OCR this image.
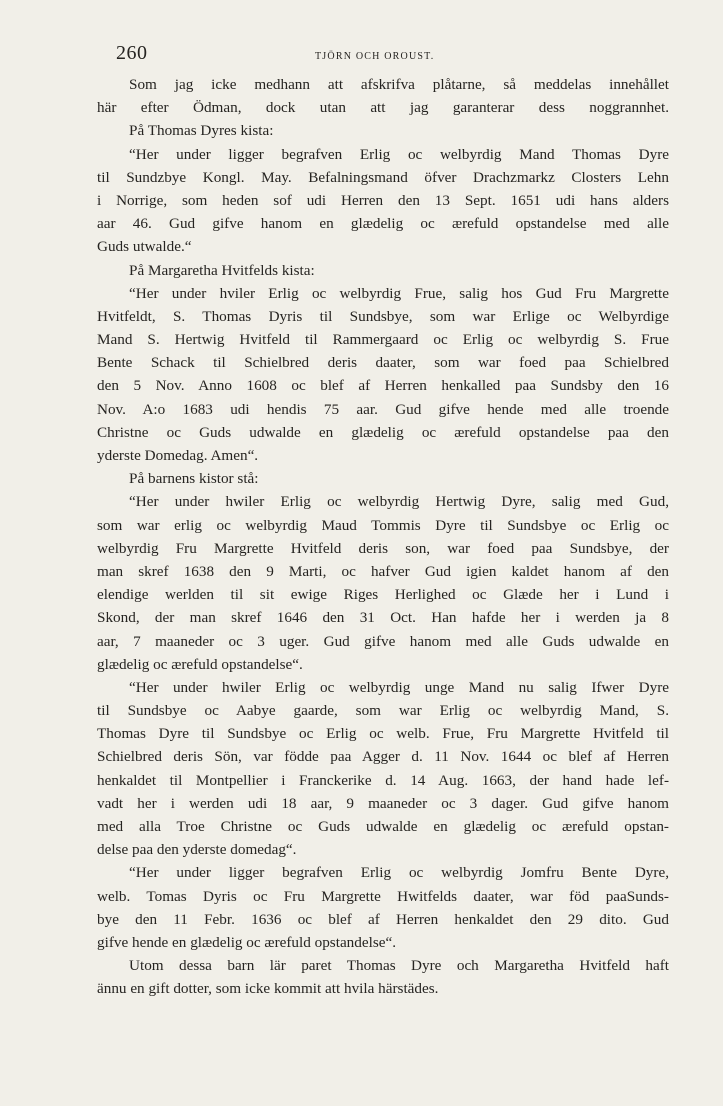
260	TJÖRN OCH OROUST.
Som jag icke medhann att afskrifva plåtarne, så meddelas innehållet
här efter Ödman, dock utan att jag garanterar dess noggrannhet.
På Thomas Dyres kista:
“Her under ligger begrafven Erlig oc welbyrdig Mand Thomas Dyre
til Sundzbye Kongl. May. Befalningsmand öfver Drachzmarkz Closters Lehn
i Norrige, som heden sof udi Herren den 13 Sept. 1651 udi hans alders
aar 46. Gud gifve hanom en glædelig oc ærefuld opstandelse med alle
Guds utwalde.“
På Margaretha Hvitfelds kista:
“Her under hviler Erlig oc welbyrdig Frue, salig hos Gud Fru Margrette
Hvitfeldt, S. Thomas Dyris til Sundsbye, som war Erlige oc Welbyrdige
Mand S. Hertwig Hvitfeld til Rammergaard oc Erlig oc welbyrdig S. Frue
Bente Schack til Schielbred deris daater, som war foed paa Schielbred
den 5 Nov. Anno 1608 oc blef af Herren henkalled paa Sundsby den 16
Nov. A:o 1683 udi hendis 75 aar. Gud gifve hende med alle troende
Christne oc Guds udwalde en glædelig oc ærefuld opstandelse paa den
yderste Domedag. Amen“.
På barnens kistor stå:
“Her under hwiler Erlig oc welbyrdig Hertwig Dyre, salig med Gud,
som war erlig oc welbyrdig Maud Tommis Dyre til Sundsbye oc Erlig oc
welbyrdig Fru Margrette Hvitfeld deris son, war foed paa Sundsbye, der
man skref 1638 den 9 Marti, oc hafver Gud igien kaldet hanom af den
elendige werlden til sit ewige Riges Herlighed oc Glæde her i Lund i
Skond, der man skref 1646 den 31 Oct. Han hafde her i werden ja 8
aar, 7 maaneder oc 3 uger. Gud gifve hanom med alle Guds udwalde en
glædelig oc ærefuld opstandelse“.
“Her under hwiler Erlig oc welbyrdig unge Mand nu salig Ifwer Dyre
til Sundsbye oc Aabye gaarde, som war Erlig oc welbyrdig Mand, S.
Thomas Dyre til Sundsbye oc Erlig oc welb. Frue, Fru Margrette Hvitfeld til
Schielbred deris Sön, var födde paa Agger d. 11 Nov. 1644 oc blef af Herren
henkaldet til Montpellier i Franckerike d. 14 Aug. 1663, der hand hade lef-
vadt her i werden udi 18 aar, 9 maaneder oc 3 dager. Gud gifve hanom
med alla Troe Christne oc Guds udwalde en glædelig oc ærefuld opstan-
delse paa den yderste domedag“.
“Her under ligger begrafven Erlig oc welbyrdig Jomfru Bente Dyre,
welb. Tomas Dyris oc Fru Margrette Hwitfelds daater, war föd paaSunds-
bye den 11 Febr. 1636 oc blef af Herren henkaldet den 29 dito. Gud
gifve hende en glædelig oc ærefuld opstandelse“.
Utom dessa barn lär paret Thomas Dyre och Margaretha Hvitfeld haft
ännu en gift dotter, som icke kommit att hvila härstädes.
